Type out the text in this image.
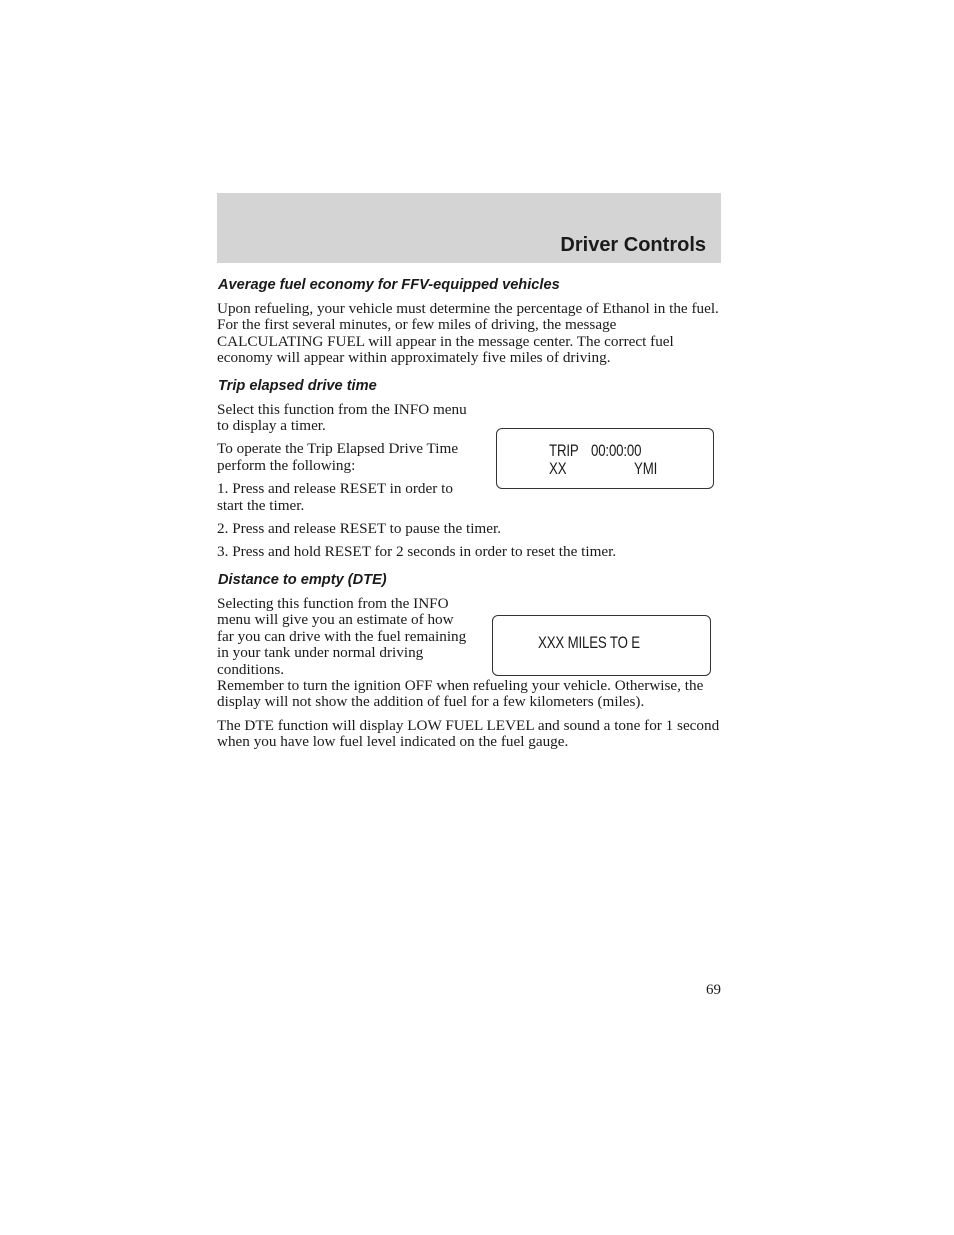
Driver Controls
Average fuel economy for FFV-equipped vehicles

Upon refueling, your vehicle must determine the percentage of Ethanol in the fuel. For the first several minutes, or few miles of driving, the message CALCULATING FUEL will appear in the message center. The correct fuel economy will appear within approximately five miles of driving.

Trip elapsed drive time

Select this function from the INFO menu to display a timer.

To operate the Trip Elapsed Drive Time perform the following:

1. Press and release RESET in order to start the timer.

2. Press and release RESET to pause the timer.

3. Press and hold RESET for 2 seconds in order to reset the timer.

Distance to empty (DTE)

Selecting this function from the INFO menu will give you an estimate of how far you can drive with the fuel remaining in your tank under normal driving conditions.

Remember to turn the ignition OFF when refueling your vehicle. Otherwise, the display will not show the addition of fuel for a few kilometers (miles).

The DTE function will display LOW FUEL LEVEL and sound a tone for 1 second when you have low fuel level indicated on the fuel gauge.

TRIP 00:00:00
XX	YMI
XXX MILES TO E
69
